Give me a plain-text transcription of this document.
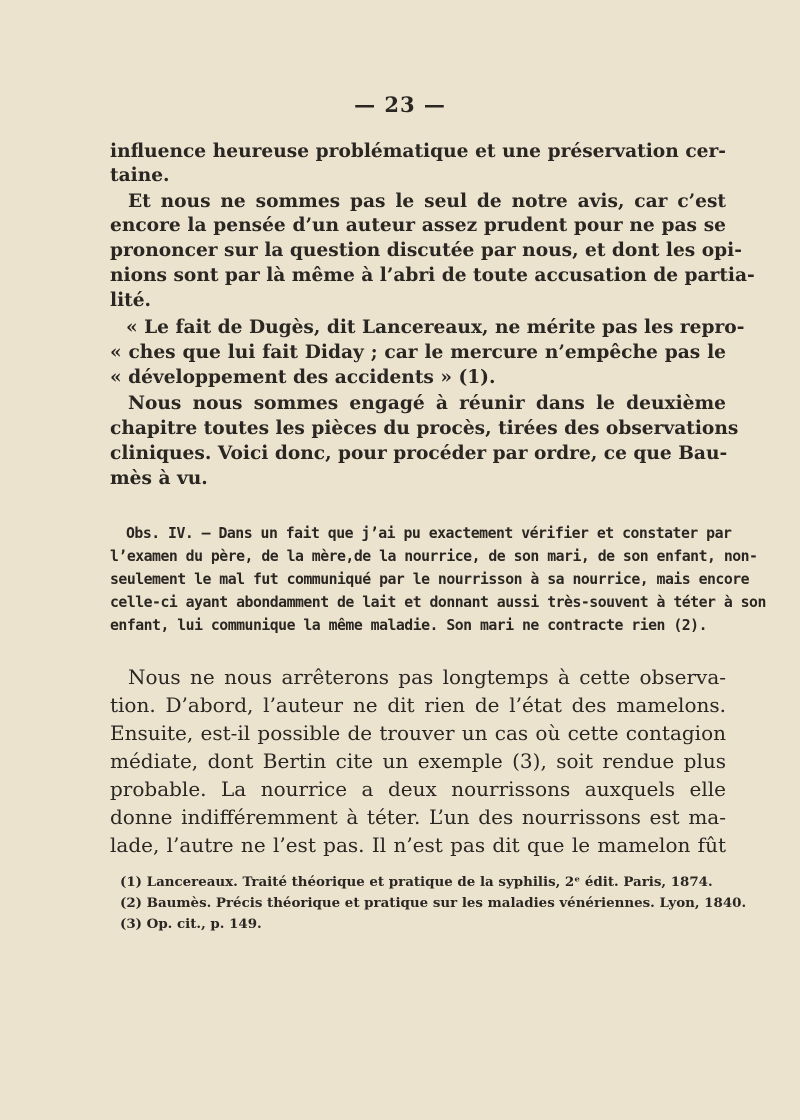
— 23 —
influence heureuse problématique et une préservation cer-
taine.
Et nous ne sommes pas le seul de notre avis, car c’est
encore la pensée d’un auteur assez prudent pour ne pas se
prononcer sur la question discutée par nous, et dont les opi-
nions sont par là même à l’abri de toute accusation de partia-
lité.
« Le fait de Dugès, dit Lancereaux, ne mérite pas les repro-
« ches que lui fait Diday ; car le mercure n’empêche pas le
« développement des accidents » (1).
Nous nous sommes engagé à réunir dans le deuxième
chapitre toutes les pièces du procès, tirées des observations
cliniques. Voici donc, pour procéder par ordre, ce que Bau-
mès à vu.
Obs. IV. — Dans un fait que j’ai pu exactement vérifier et constater par
l’examen du père, de la mère,de la nourrice, de son mari, de son enfant, non-
seulement le mal fut communiqué par le nourrisson à sa nourrice, mais encore
celle-ci ayant abondamment de lait et donnant aussi très-souvent à téter à son
enfant, lui communique la même maladie. Son mari ne contracte rien (2).
Nous ne nous arrêterons pas longtemps à cette observa-
tion. D’abord, l’auteur ne dit rien de l’état des mamelons.
Ensuite, est-il possible de trouver un cas où cette contagion
médiate, dont Bertin cite un exemple (3), soit rendue plus
probable. La nourrice a deux nourrissons auxquels elle
donne indifféremment à téter. L’un des nourrissons est ma-
lade, l’autre ne l’est pas. Il n’est pas dit que le mamelon fût
(1) Lancereaux. Traité théorique et pratique de la syphilis, 2ᵉ édit. Paris, 1874.
(2) Baumès. Précis théorique et pratique sur les maladies vénériennes. Lyon, 1840.
(3) Op. cit., p. 149.
